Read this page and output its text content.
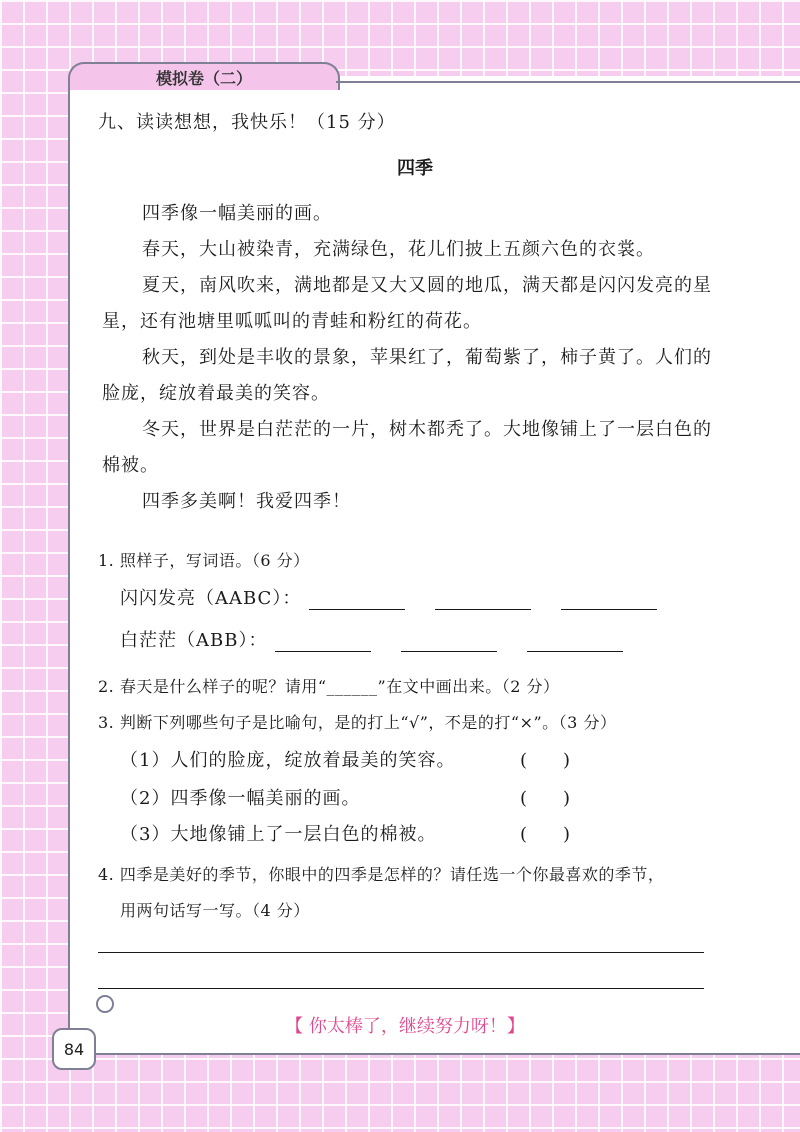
模拟卷（二）
九、读读想想，我快乐！（15 分）
四季
四季像一幅美丽的画。
春天，大山被染青，充满绿色，花儿们披上五颜六色的衣裳。
夏天，南风吹来，满地都是又大又圆的地瓜，满天都是闪闪发亮的星星，还有池塘里呱呱叫的青蛙和粉红的荷花。
秋天，到处是丰收的景象，苹果红了，葡萄紫了，柿子黄了。人们的脸庞，绽放着最美的笑容。
冬天，世界是白茫茫的一片，树木都秃了。大地像铺上了一层白色的棉被。
四季多美啊！我爱四季！
1. 照样子，写词语。（6 分）
闪闪发亮（AABC）：
白茫茫（ABB）：
2. 春天是什么样子的呢？请用“______”在文中画出来。（2 分）
3. 判断下列哪些句子是比喻句，是的打上“√”，不是的打“×”。（3 分）
（1）人们的脸庞，绽放着最美的笑容。	(　　)
（2）四季像一幅美丽的画。	(　　)
（3）大地像铺上了一层白色的棉被。	(　　)
4. 四季是美好的季节，你眼中的四季是怎样的？请任选一个你最喜欢的季节，
用两句话写一写。（4 分）
【 你太棒了，继续努力呀！】
84
